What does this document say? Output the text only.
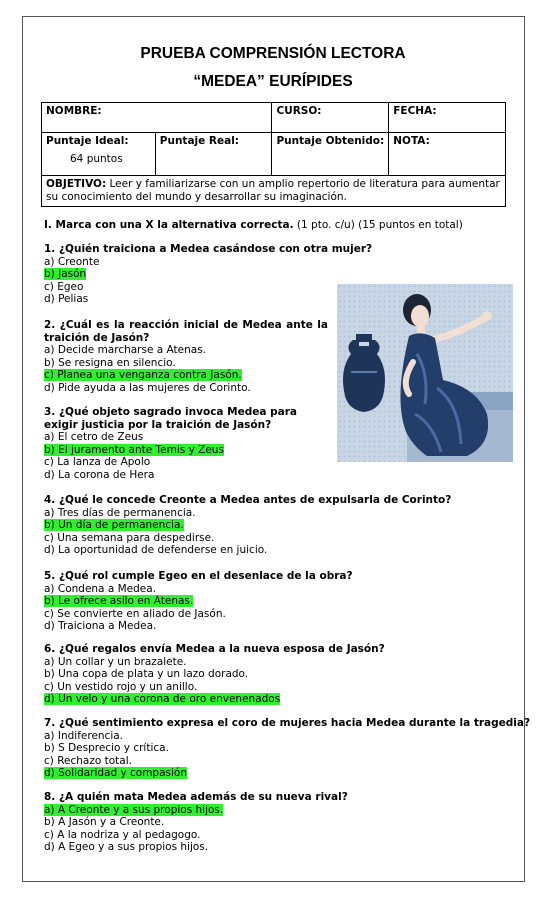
PRUEBA COMPRENSIÓN LECTORA
“MEDEA” EURÍPIDES
NOMBRE:		CURSO:	FECHA:
Puntaje Ideal:
64 puntos	Puntaje Real:	Puntaje Obtenido:	NOTA:
OBJETIVO: Leer y familiarizarse con un amplio repertorio de literatura para aumentar su conocimiento del mundo y desarrollar su imaginación.			
I. Marca con una X la alternativa correcta. (1 pto. c/u) (15 puntos en total)
1. ¿Quién traiciona a Medea casándose con otra mujer?
a) Creonte
b) Jasón
c) Egeo
d) Pelias
2. ¿Cuál es la reacción inicial de Medea ante la traición de Jasón?
a) Decide marcharse a Atenas.
b) Se resigna en silencio.
c) Planea una venganza contra Jasón.
d) Pide ayuda a las mujeres de Corinto.
3. ¿Qué objeto sagrado invoca Medea para exigir justicia por la traición de Jasón?
a) El cetro de Zeus
b) El juramento ante Temis y Zeus
c) La lanza de Apolo
d) La corona de Hera
4. ¿Qué le concede Creonte a Medea antes de expulsarla de Corinto?
a) Tres días de permanencia.
b) Un día de permanencia.
c) Una semana para despedirse.
d) La oportunidad de defenderse en juicio.
5. ¿Qué rol cumple Egeo en el desenlace de la obra?
a) Condena a Medea.
b) Le ofrece asilo en Atenas.
c) Se convierte en aliado de Jasón.
d) Traiciona a Medea.
6. ¿Qué regalos envía Medea a la nueva esposa de Jasón?
a) Un collar y un brazalete.
b) Una copa de plata y un lazo dorado.
c) Un vestido rojo y un anillo.
d) Un velo y una corona de oro envenenados
7. ¿Qué sentimiento expresa el coro de mujeres hacia Medea durante la tragedia?
a) Indiferencia.
b) S Desprecio y crítica.
c) Rechazo total.
d) Solidaridad y compasión
8. ¿A quién mata Medea además de su nueva rival?
a) A Creonte y a sus propios hijos.
b) A Jasón y a Creonte.
c) A la nodriza y al pedagogo.
d) A Egeo y a sus propios hijos.
